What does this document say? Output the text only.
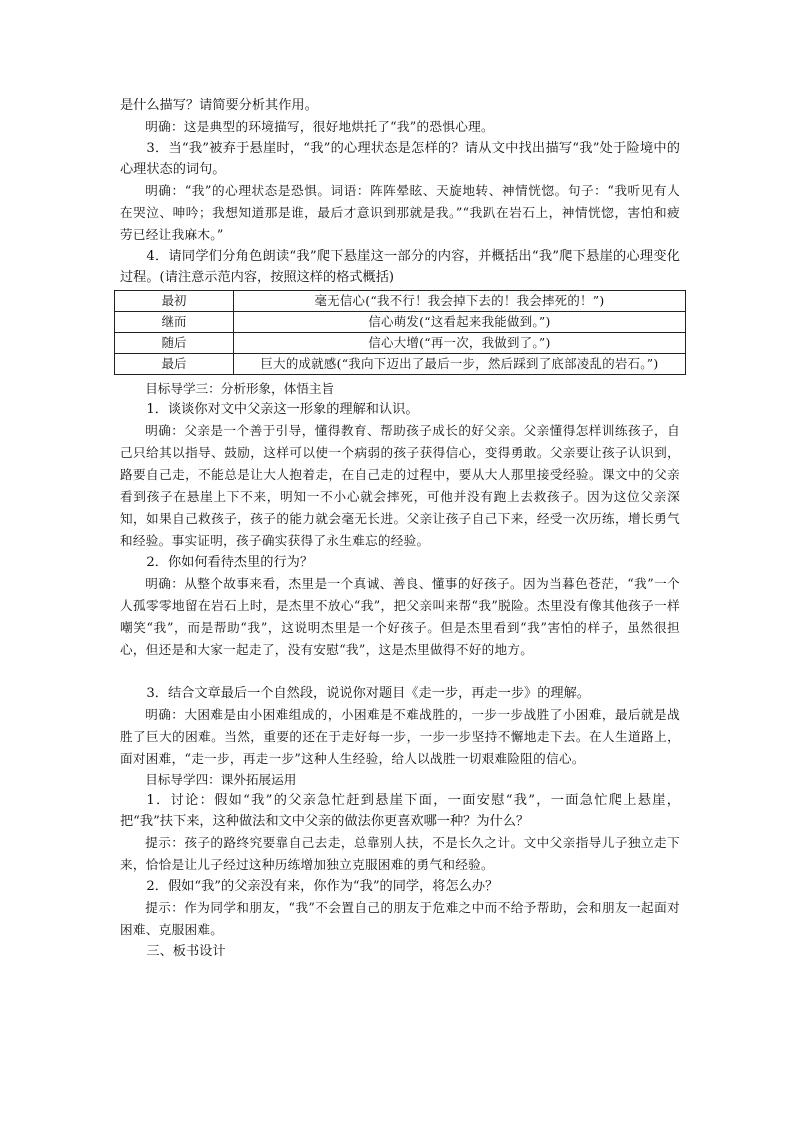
是什么描写？请简要分析其作用。

明确：这是典型的环境描写，很好地烘托了“我”的恐惧心理。

3．当“我”被弃于悬崖时，“我”的心理状态是怎样的？请从文中找出描写“我”处于险境中的心理状态的词句。

明确：“我”的心理状态是恐惧。词语：阵阵晕眩、天旋地转、神情恍惚。句子：“我听见有人在哭泣、呻吟；我想知道那是谁，最后才意识到那就是我。”“我趴在岩石上，神情恍惚，害怕和疲劳已经让我麻木。”

4．请同学们分角色朗读“我”爬下悬崖这一部分的内容，并概括出“我”爬下悬崖的心理变化过程。(请注意示范内容，按照这样的格式概括)

最初	毫无信心(“我不行！我会掉下去的！我会摔死的！”)
继而	信心萌发(“这看起来我能做到。”)
随后	信心大增(“再一次，我做到了。”)
最后	巨大的成就感(“我向下迈出了最后一步，然后踩到了底部凌乱的岩石。”)

目标导学三：分析形象，体悟主旨

1．谈谈你对文中父亲这一形象的理解和认识。

明确：父亲是一个善于引导，懂得教育、帮助孩子成长的好父亲。父亲懂得怎样训练孩子，自己只给其以指导、鼓励，这样可以使一个病弱的孩子获得信心，变得勇敢。父亲要让孩子认识到，路要自己走，不能总是让大人抱着走，在自己走的过程中，要从大人那里接受经验。课文中的父亲看到孩子在悬崖上下不来，明知一不小心就会摔死，可他并没有跑上去救孩子。因为这位父亲深知，如果自己救孩子，孩子的能力就会毫无长进。父亲让孩子自己下来，经受一次历练，增长勇气和经验。事实证明，孩子确实获得了永生难忘的经验。

2．你如何看待杰里的行为？

明确：从整个故事来看，杰里是一个真诚、善良、懂事的好孩子。因为当暮色苍茫，“我”一个人孤零零地留在岩石上时，是杰里不放心“我”，把父亲叫来帮“我”脱险。杰里没有像其他孩子一样嘲笑“我”，而是帮助“我”，这说明杰里是一个好孩子。但是杰里看到“我”害怕的样子，虽然很担心，但还是和大家一起走了，没有安慰“我”，这是杰里做得不好的地方。

3．结合文章最后一个自然段，说说你对题目《走一步，再走一步》的理解。

明确：大困难是由小困难组成的，小困难是不难战胜的，一步一步战胜了小困难，最后就是战胜了巨大的困难。当然，重要的还在于走好每一步，一步一步坚持不懈地走下去。在人生道路上，面对困难，“走一步，再走一步”这种人生经验，给人以战胜一切艰难险阻的信心。

目标导学四：课外拓展运用

1．讨论：假如“我”的父亲急忙赶到悬崖下面，一面安慰“我”，一面急忙爬上悬崖，把“我”扶下来，这种做法和文中父亲的做法你更喜欢哪一种？为什么？

提示：孩子的路终究要靠自己去走，总靠别人扶，不是长久之计。文中父亲指导儿子独立走下来，恰恰是让儿子经过这种历练增加独立克服困难的勇气和经验。

2．假如“我”的父亲没有来，你作为“我”的同学，将怎么办？

提示：作为同学和朋友，“我”不会置自己的朋友于危难之中而不给予帮助，会和朋友一起面对困难、克服困难。

三、板书设计
